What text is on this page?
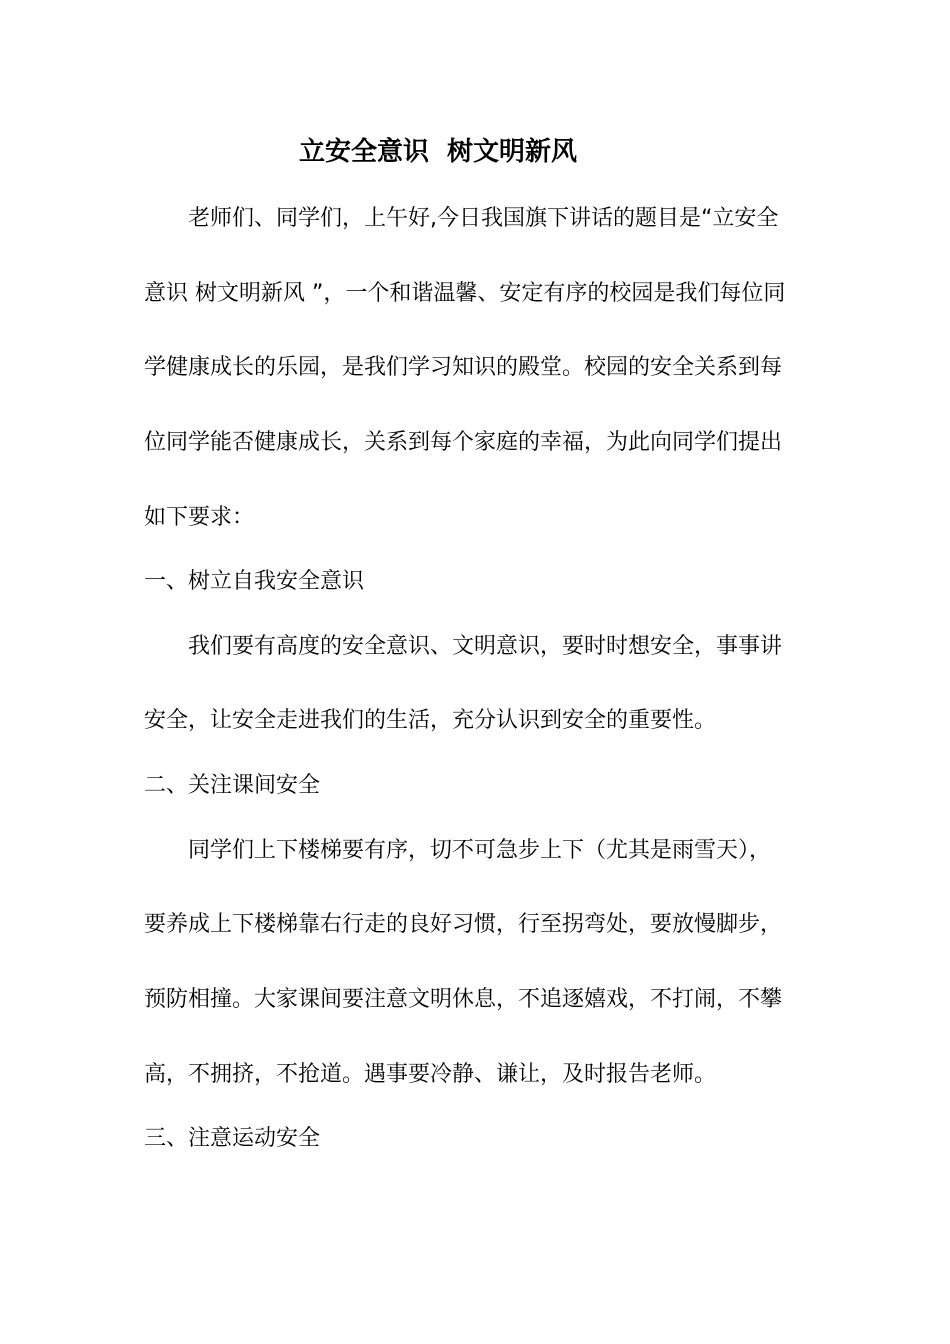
立安全意识  树文明新风
老师们、同学们，上午好,今日我国旗下讲话的题目是“立安全
意识 树文明新风 ”，一个和谐温馨、安定有序的校园是我们每位同
学健康成长的乐园，是我们学习知识的殿堂。校园的安全关系到每
位同学能否健康成长，关系到每个家庭的幸福，为此向同学们提出
如下要求：
一、树立自我安全意识
我们要有高度的安全意识、文明意识，要时时想安全，事事讲
安全，让安全走进我们的生活，充分认识到安全的重要性。
二、关注课间安全
同学们上下楼梯要有序，切不可急步上下（尤其是雨雪天），
要养成上下楼梯靠右行走的良好习惯，行至拐弯处，要放慢脚步，
预防相撞。大家课间要注意文明休息，不追逐嬉戏，不打闹，不攀
高，不拥挤，不抢道。遇事要冷静、谦让，及时报告老师。
三、注意运动安全
